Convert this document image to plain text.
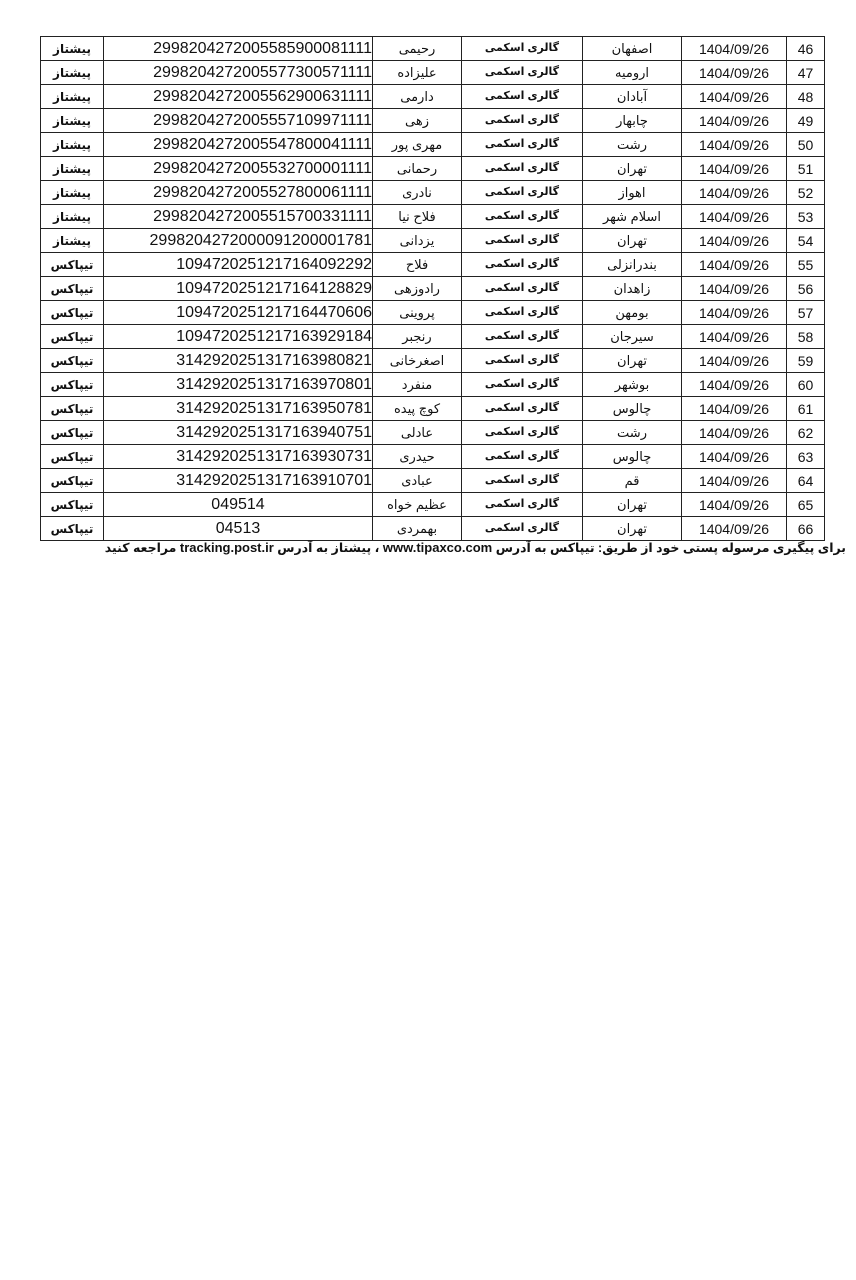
پیشتاز	2998204272005585900081111	رحیمی	گالری اسکمی	اصفهان	1404/09/26	46
پیشتاز	2998204272005577300571111	علیزاده	گالری اسکمی	ارومیه	1404/09/26	47
پیشتاز	2998204272005562900631111	دارمی	گالری اسکمی	آبادان	1404/09/26	48
پیشتاز	2998204272005557109971111	زهی	گالری اسکمی	چابهار	1404/09/26	49
پیشتاز	2998204272005547800041111	مهری پور	گالری اسکمی	رشت	1404/09/26	50
پیشتاز	2998204272005532700001111	رحمانی	گالری اسکمی	تهران	1404/09/26	51
پیشتاز	2998204272005527800061111	نادری	گالری اسکمی	اهواز	1404/09/26	52
پیشتاز	2998204272005515700331111	فلاح نیا	گالری اسکمی	اسلام شهر	1404/09/26	53
پیشتاز	2998204272000091200001781	یزدانی	گالری اسکمی	تهران	1404/09/26	54
تیپاکس	1094720251217164092292	فلاح	گالری اسکمی	بندرانزلی	1404/09/26	55
تیپاکس	1094720251217164128829	رادوزهی	گالری اسکمی	زاهدان	1404/09/26	56
تیپاکس	1094720251217164470606	پروینی	گالری اسکمی	بومهن	1404/09/26	57
تیپاکس	1094720251217163929184	رنجبر	گالری اسکمی	سیرجان	1404/09/26	58
تیپاکس	3142920251317163980821	اصغرخانی	گالری اسکمی	تهران	1404/09/26	59
تیپاکس	3142920251317163970801	منفرد	گالری اسکمی	بوشهر	1404/09/26	60
تیپاکس	3142920251317163950781	کوچ پیده	گالری اسکمی	چالوس	1404/09/26	61
تیپاکس	3142920251317163940751	عادلی	گالری اسکمی	رشت	1404/09/26	62
تیپاکس	3142920251317163930731	حیدری	گالری اسکمی	چالوس	1404/09/26	63
تیپاکس	3142920251317163910701	عبادی	گالری اسکمی	قم	1404/09/26	64
تیپاکس	049514	عظیم خواه	گالری اسکمی	تهران	1404/09/26	65
تیپاکس	04513	بهمردی	گالری اسکمی	تهران	1404/09/26	66
برای پیگیری مرسوله پستی خود از طریق: تیپاکس به آدرس www.tipaxco.com ، پیشتاز به آدرس tracking.post.ir مراجعه کنید
